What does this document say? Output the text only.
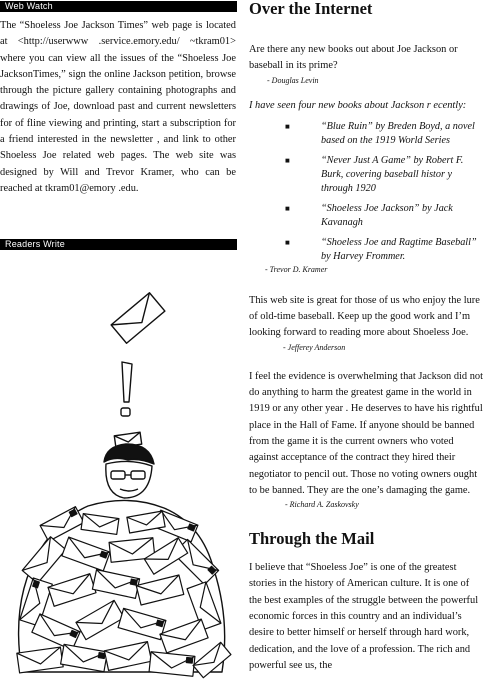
Web Watch

The “Shoeless Joe Jackson Times” web page is located at <http://userwww .service.emory.edu/ ~tkram01> where you can view all the issues of the “Shoeless Joe JacksonTimes,” sign the online Jackson petition, browse through the picture gallery containing photographs and drawings of Joe, download past and current newsletters for of fline viewing and printing, start a subscription for a friend interested in the newsletter , and link to other Shoeless Joe related web pages. The web site was designed by Will and Trevor Kramer, who can be reached at tkram01@emory .edu.

Readers Write
Over the Internet

Are there any new books out about Joe Jackson or baseball in its prime?

- Douglas Levin

I have seen four new books about Jackson r ecently:

■	“Blue Ruin” by Breden Boyd, a novel based on the 1919 World Series
■	“Never Just A Game” by Robert F. Burk, covering baseball histor y through 1920
■	“Shoeless Joe Jackson” by Jack Kavanagh
■	“Shoeless Joe and Ragtime Baseball” by Harvey Frommer.

- Trevor D. Kramer

This web site is great for those of us who enjoy the lure of old-time baseball. Keep up the good work and I’m looking forward to reading more about Shoeless Joe.

- Jefferey Anderson

I feel the evidence is overwhelming that Jackson did not do anything to harm the greatest game in the world in 1919 or any other year . He deserves to have his rightful place in the Hall of Fame. If anyone should be banned from the game it is the current owners who voted against acceptance of the contract they hired their negotiator to pencil out. Those no voting owners ought to be banned. They are the one’s damaging the game.

- Richard A. Zaskovsky

Through the Mail

I believe that “Shoeless Joe” is one of the greatest stories in the history of American culture. It is one of the best examples of the struggle between the powerful economic forces in this country and an individual’s desire to better himself or herself through hard work, dedication, and the love of a profession. The rich and powerful see us, the
